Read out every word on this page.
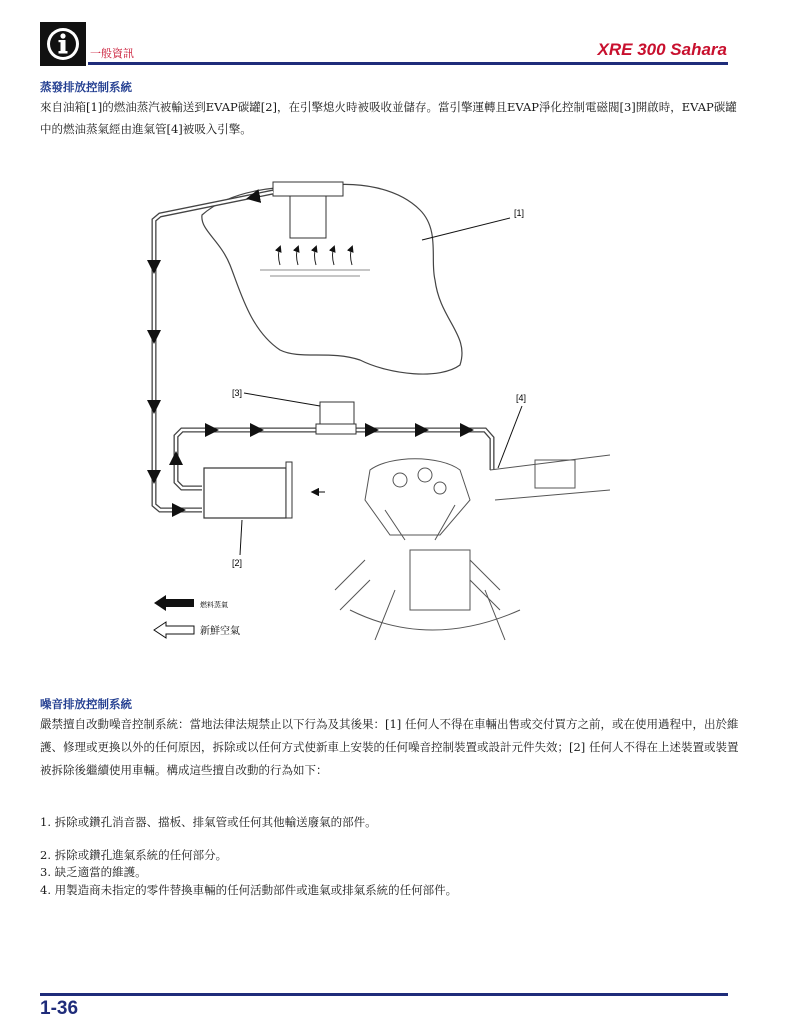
一般資訊	XRE 300 Sahara
蒸發排放控制系統
來自油箱[1]的燃油蒸汽被輸送到EVAP碳罐[2]，在引擎熄火時被吸收並儲存。當引擎運轉且EVAP淨化控制電磁閥[3]開啟時，EVAP碳罐中的燃油蒸氣經由進氣管[4]被吸入引擎。
[1]
[2]
[3]	[4]
燃料蒸氣
新鮮空氣
噪音排放控制系統
嚴禁擅自改動噪音控制系統：當地法律法規禁止以下行為及其後果：[1] 任何人不得在車輛出售或交付買方之前，或在使用過程中，出於維護、修理或更換以外的任何原因，拆除或以任何方式使新車上安裝的任何噪音控制裝置或設計元件失效；[2] 任何人不得在上述裝置或裝置被拆除後繼續使用車輛。構成這些擅自改動的行為如下：
1. 拆除或鑽孔消音器、擋板、排氣管或任何其他輸送廢氣的部件。
2. 拆除或鑽孔進氣系統的任何部分。
3. 缺乏適當的維護。
4. 用製造商未指定的零件替換車輛的任何活動部件或進氣或排氣系統的任何部件。
1-36
